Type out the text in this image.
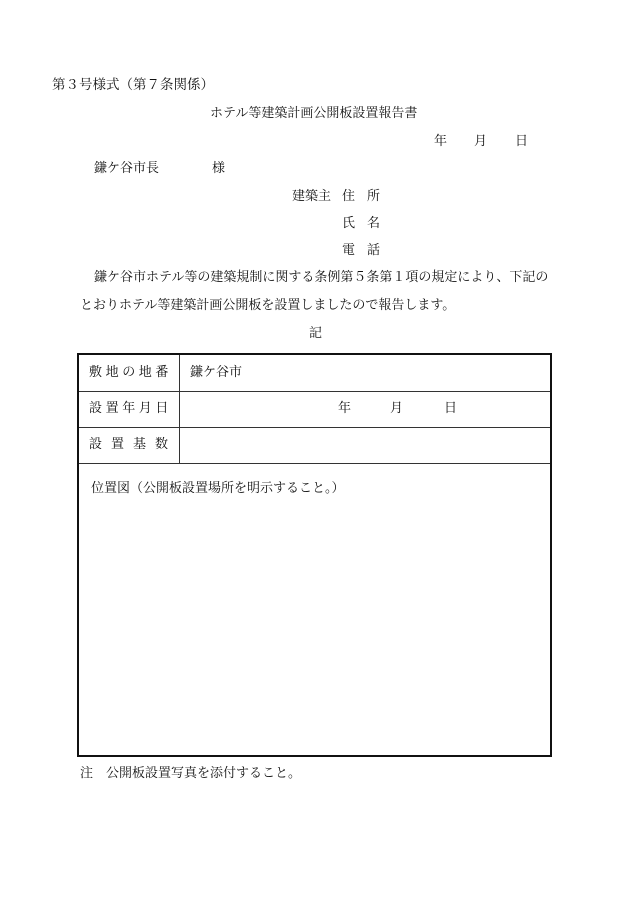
第３号様式（第７条関係）
ホテル等建築計画公開板設置報告書
年 月 日
鎌ケ谷市長	様
建築主 住所
氏名
電話
鎌ケ谷市ホテル等の建築規制に関する条例第５条第１項の規定により、下記の
とおりホテル等建築計画公開板を設置しましたので報告します。
記
敷地の地番 鎌ケ谷市
設置年月日	年	月	日
設置基数
位置図（公開板設置場所を明示すること。）
注　公開板設置写真を添付すること。
